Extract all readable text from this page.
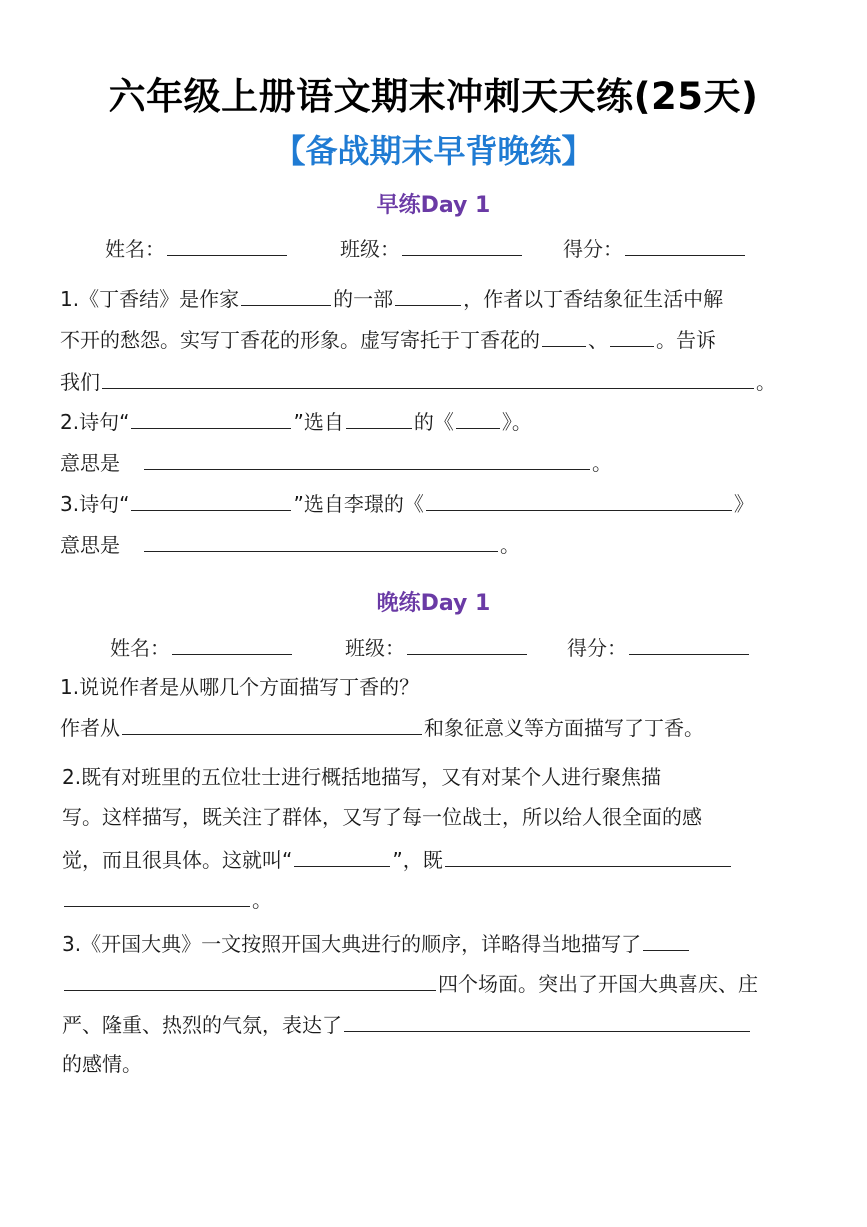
六年级上册语文期末冲刺天天练(25天)
【备战期末早背晚练】
早练Day 1
姓名：	班级：	得分：
1.《丁香结》是作家	的一部	，作者以丁香结象征生活中解
不开的愁怨。实写丁香花的形象。虚写寄托于丁香花的 、 。告诉
我们	。
2.诗句“	”选自	的《 》。
意思是	。
3.诗句“	”选自李璟的《	》
意思是	。
晚练Day 1
姓名：	班级：	得分：
1.说说作者是从哪几个方面描写丁香的？
作者从	和象征意义等方面描写了丁香。
2.既有对班里的五位壮士进行概括地描写，又有对某个人进行聚焦描
写。这样描写，既关注了群体，又写了每一位战士，所以给人很全面的感
觉，而且很具体。这就叫“	”，既
。
3.《开国大典》一文按照开国大典进行的顺序，详略得当地描写了
四个场面。突出了开国大典喜庆、庄
严、隆重、热烈的气氛，表达了
的感情。
